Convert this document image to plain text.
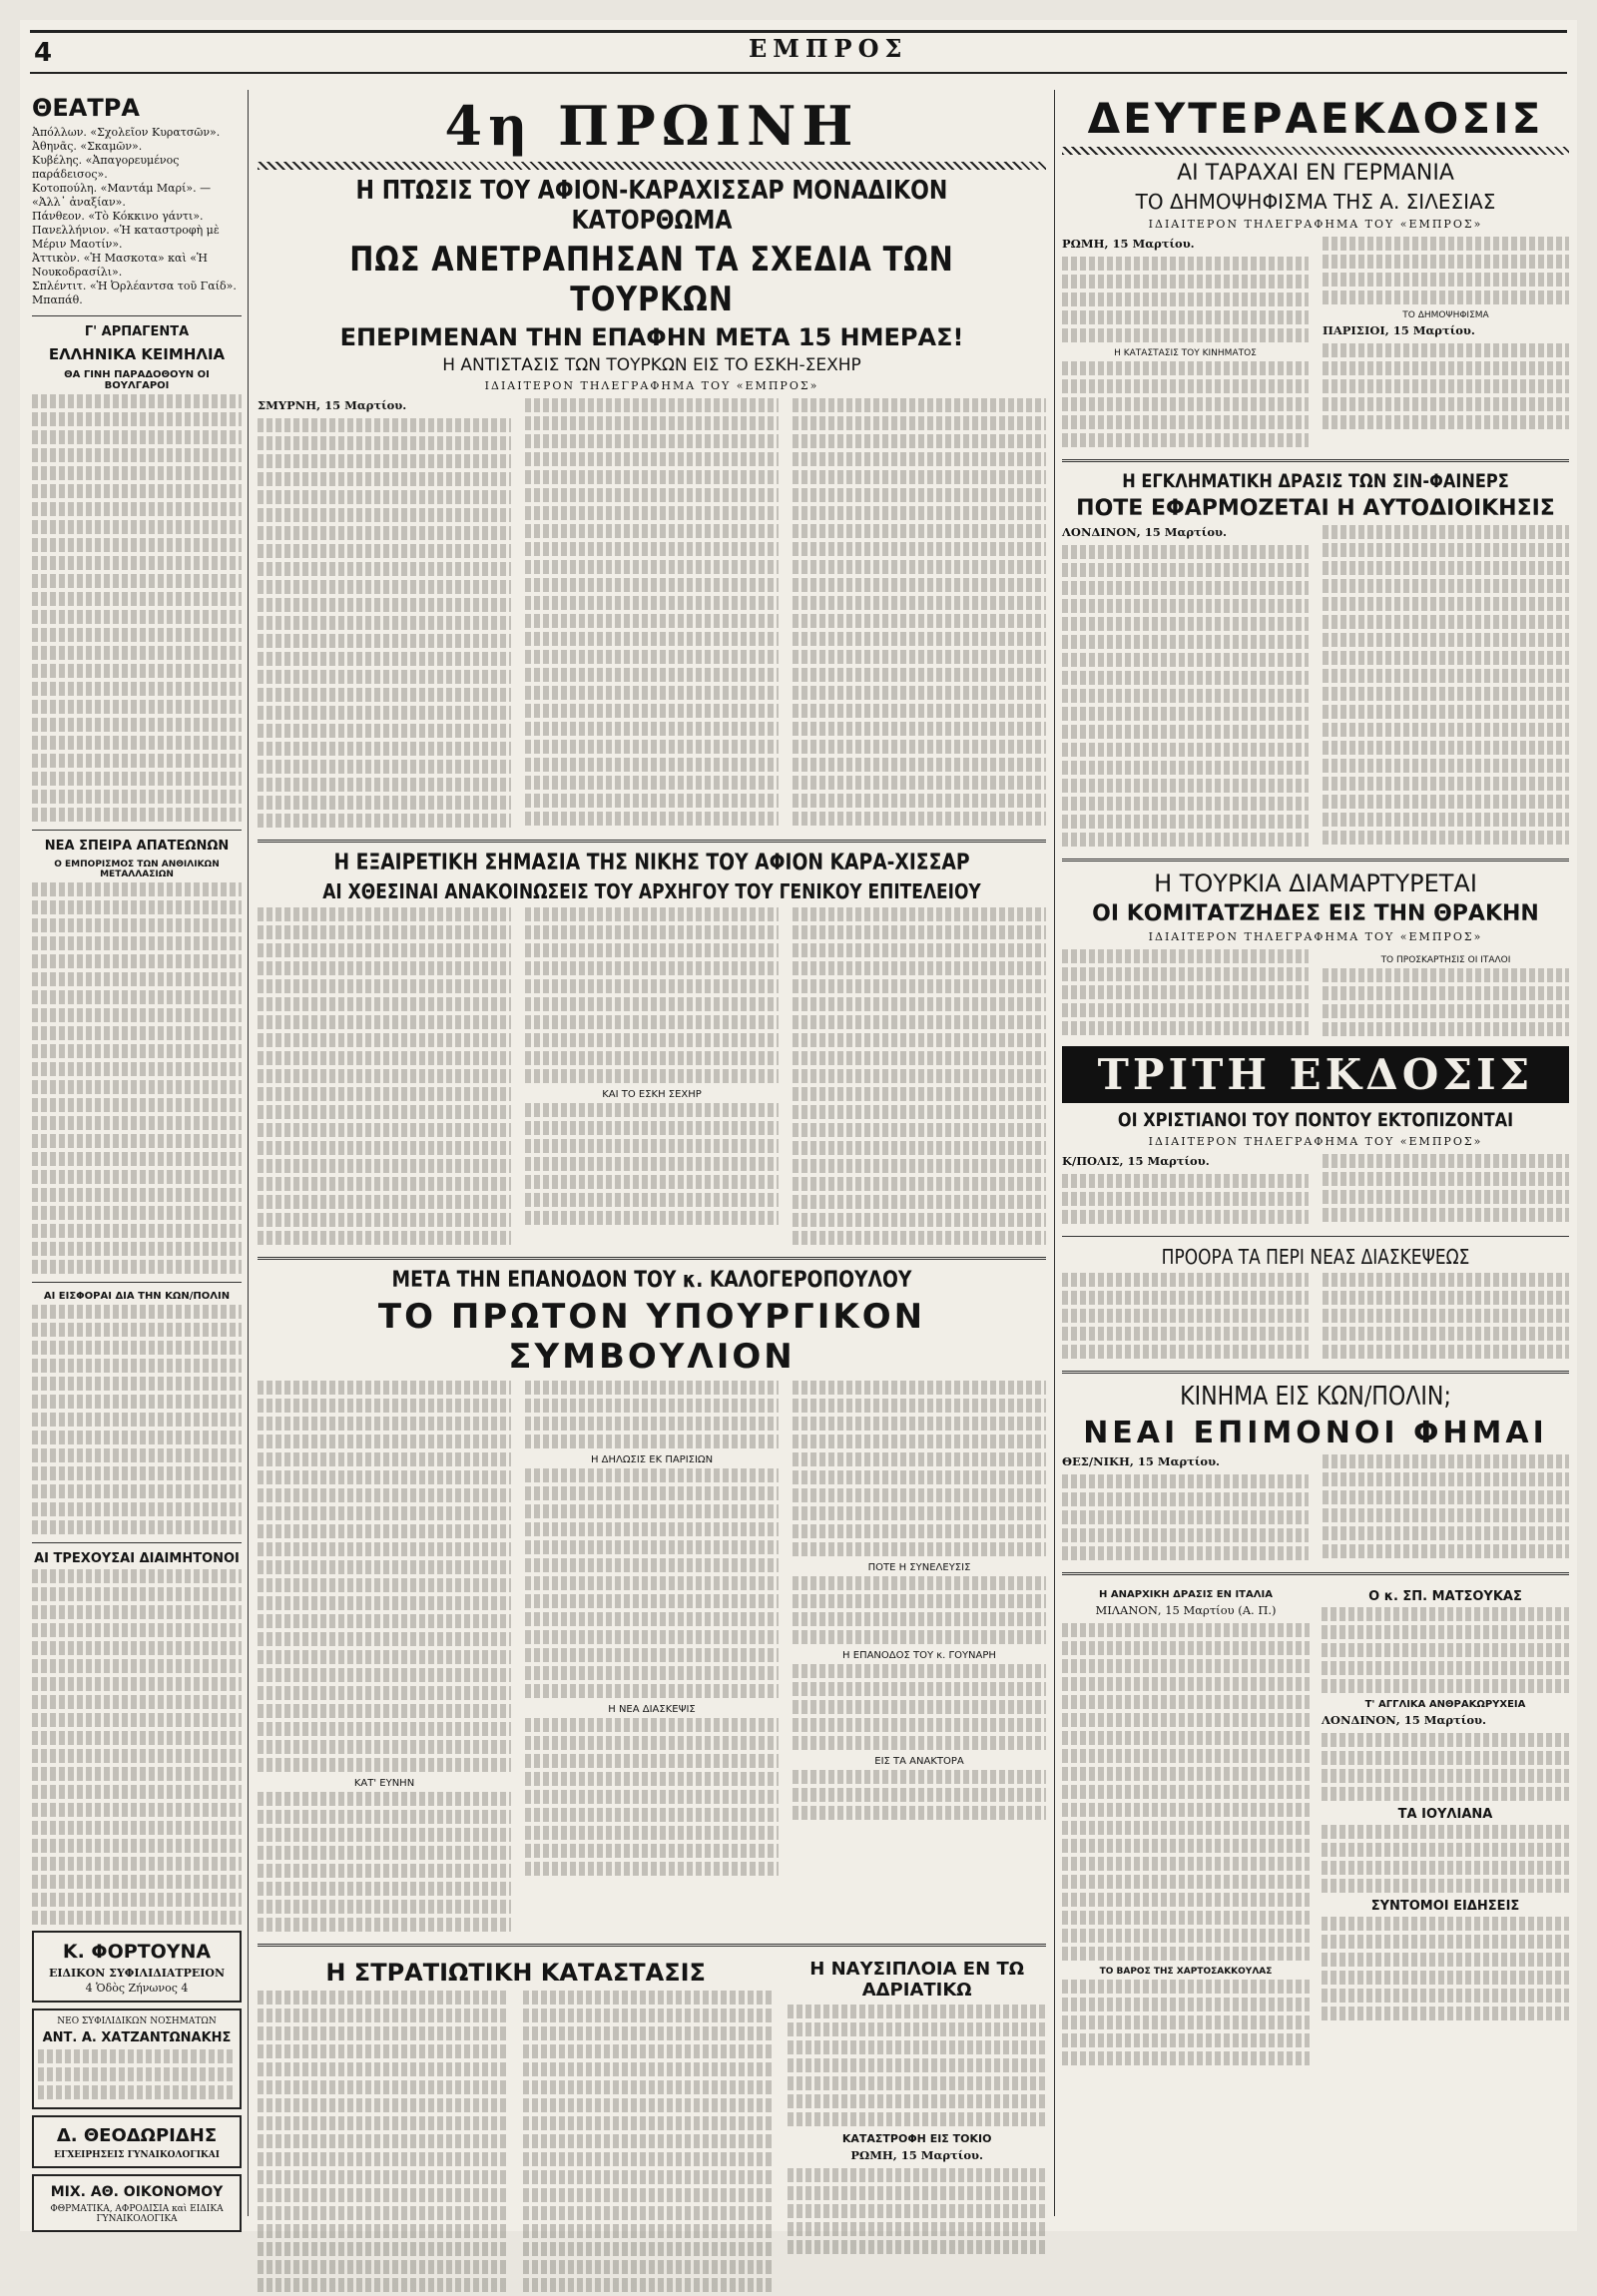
4	ΕΜΠΡΟΣ
ΘΕΑΤΡΑ
Ἀπόλλων. «Σχολεῖον Κυρατσῶν».
Ἀθηνᾶς. «Σκαμῶν».
Κυβέλης. «Ἀπαγορευμένος παράδεισος».
Κοτοπούλη. «Μαντάμ Μαρί». — «Ἀλλ᾽ ἀναξίαν».
Πάνθεον. «Τὸ Κόκκινο γάντι».
Πανελλήνιον. «Ἡ καταστροφὴ μὲ Μέριν Μαοτίν».
Ἀττικὸν. «Ἡ Μασκοτα» καὶ «Ἡ Νουκοδρασίλι».
Σπλέντιτ. «Ἡ Ὀρλέαντσα τοῦ Γαίδ».
Μπαπάθ.
Γ' ΑΡΠΑΓΕΝΤΑ
ΕΛΛΗΝΙΚΑ ΚΕΙΜΗΛΙΑ
ΘΑ ΓΙΝΗ ΠΑΡΑΔΟΘΟΥΝ ΟΙ ΒΟΥΛΓΑΡΟΙ
ΝΕΑ ΣΠΕΙΡΑ ΑΠΑΤΕΩΝΩΝ
Ο ΕΜΠΟΡΙΣΜΟΣ ΤΩΝ ΑΝΘΙΛΙΚΩΝ ΜΕΤΑΛΛΑΣΙΩΝ
ΑΙ ΕΙΣΦΟΡΑΙ ΔΙΑ ΤΗΝ ΚΩΝ/ΠΟΛΙΝ
ΑΙ ΤΡΕΧΟΥΣΑΙ ΔΙΑΙΜΗΤΟΝΟΙ
Κ. ΦΟΡΤΟΥΝΑ
ΕΙΔΙΚΟΝ ΣΥΦΙΛΙΔΙΑΤΡΕΙΟΝ
4 Ὁδὸς Ζήνωνος 4
ΝΕΟ ΣΥΦΙΛΙΔΙΚΩΝ ΝΟΣΗΜΑΤΩΝ
ΑΝΤ. Α. ΧΑΤΖΑΝΤΩΝΑΚΗΣ
Δ. ΘΕΟΔΩΡΙΔΗΣ
ΕΓΧΕΙΡΗΣΕΙΣ ΓΥΝΑΙΚΟΛΟΓΙΚΑΙ
ΜΙΧ. ΑΘ. ΟΙΚΟΝΟΜΟΥ
ΦΘΡΜΑΤΙΚΑ, ΑΦΡΟΔΙΣΙΑ καὶ ΕΙΔΙΚΑ ΓΥΝΑΙΚΟΛΟΓΙΚΑ
4η ΠΡΩΙΝΗ
Η ΠΤΩΣΙΣ ΤΟΥ ΑΦΙΟΝ-ΚΑΡΑΧΙΣΣΑΡ ΜΟΝΑΔΙΚΟΝ ΚΑΤΟΡΘΩΜΑ
ΠΩΣ ΑΝΕΤΡΑΠΗΣΑΝ ΤΑ ΣΧΕΔΙΑ ΤΩΝ ΤΟΥΡΚΩΝ
ΕΠΕΡΙΜΕΝΑΝ ΤΗΝ ΕΠΑΦΗΝ ΜΕΤΑ 15 ΗΜΕΡΑΣ!
Η ΑΝΤΙΣΤΑΣΙΣ ΤΩΝ ΤΟΥΡΚΩΝ ΕΙΣ ΤΟ ΕΣΚΗ-ΣΕΧΗΡ
ΙΔΙΑΙΤΕΡΟΝ ΤΗΛΕΓΡΑΦΗΜΑ ΤΟΥ «ΕΜΠΡΟΣ»
ΣΜΥΡΝΗ, 15 Μαρτίου.
Η ΕΞΑΙΡΕΤΙΚΗ ΣΗΜΑΣΙΑ ΤΗΣ ΝΙΚΗΣ ΤΟΥ ΑΦΙΟΝ ΚΑΡΑ-ΧΙΣΣΑΡ
ΑΙ ΧΘΕΣΙΝΑΙ ΑΝΑΚΟΙΝΩΣΕΙΣ ΤΟΥ ΑΡΧΗΓΟΥ ΤΟΥ ΓΕΝΙΚΟΥ ΕΠΙΤΕΛΕΙΟΥ
ΚΑΙ ΤΟ ΕΣΚΗ ΣΕΧΗΡ
ΜΕΤΑ ΤΗΝ ΕΠΑΝΟΔΟΝ ΤΟΥ κ. ΚΑΛΟΓΕΡΟΠΟΥΛΟΥ
ΤΟ ΠΡΩΤΟΝ ΥΠΟΥΡΓΙΚΟΝ ΣΥΜΒΟΥΛΙΟΝ
ΚΑΤ' ΕΥΝΗΝ
Η ΔΗΛΩΣΙΣ ΕΚ ΠΑΡΙΣΙΩΝ
Η ΝΕΑ ΔΙΑΣΚΕΨΙΣ
ΠΟΤΕ Η ΣΥΝΕΛΕΥΣΙΣ
Η ΕΠΑΝΟΔΟΣ ΤΟΥ κ. ΓΟΥΝΑΡΗ
ΕΙΣ ΤΑ ΑΝΑΚΤΟΡΑ
Η ΣΤΡΑΤΙΩΤΙΚΗ ΚΑΤΑΣΤΑΣΙΣ	Η ΝΑΥΣΙΠΛΟΙΑ ΕΝ ΤΩ ΑΔΡΙΑΤΙΚΩ
ΚΑΤΑΣΤΡΟΦΗ ΕΙΣ ΤΟΚΙΟ
ΡΩΜΗ, 15 Μαρτίου.
ΔΕΥΤΕΡΑΕΚΔΟΣΙΣ
ΑΙ ΤΑΡΑΧΑΙ ΕΝ ΓΕΡΜΑΝΙΑ
ΤΟ ΔΗΜΟΨΗΦΙΣΜΑ ΤΗΣ Α. ΣΙΛΕΣΙΑΣ
ΙΔΙΑΙΤΕΡΟΝ ΤΗΛΕΓΡΑΦΗΜΑ ΤΟΥ «ΕΜΠΡΟΣ»
ΡΩΜΗ, 15 Μαρτίου.
Η ΚΑΤΑΣΤΑΣΙΣ ΤΟΥ ΚΙΝΗΜΑΤΟΣ
ΤΟ ΔΗΜΟΨΗΦΙΣΜΑ
ΠΑΡΙΣΙΟΙ, 15 Μαρτίου.
Η ΕΓΚΛΗΜΑΤΙΚΗ ΔΡΑΣΙΣ ΤΩΝ ΣΙΝ-ΦΑΙΝΕΡΣ
ΠΟΤΕ ΕΦΑΡΜΟΖΕΤΑΙ Η ΑΥΤΟΔΙΟΙΚΗΣΙΣ
ΛΟΝΔΙΝΟΝ, 15 Μαρτίου.
Η ΤΟΥΡΚΙΑ ΔΙΑΜΑΡΤΥΡΕΤΑΙ
ΟΙ ΚΟΜΙΤΑΤΖΗΔΕΣ ΕΙΣ ΤΗΝ ΘΡΑΚΗΝ
ΙΔΙΑΙΤΕΡΟΝ ΤΗΛΕΓΡΑΦΗΜΑ ΤΟΥ «ΕΜΠΡΟΣ»
ΤΟ ΠΡΟΣΚΑΡΤΗΣΙΣ ΟΙ ΙΤΑΛΟΙ
ΤΡΙΤΗ ΕΚΔΟΣΙΣ
ΟΙ ΧΡΙΣΤΙΑΝΟΙ ΤΟΥ ΠΟΝΤΟΥ ΕΚΤΟΠΙΖΟΝΤΑΙ
ΙΔΙΑΙΤΕΡΟΝ ΤΗΛΕΓΡΑΦΗΜΑ ΤΟΥ «ΕΜΠΡΟΣ»
Κ/ΠΟΛΙΣ, 15 Μαρτίου.
ΠΡΟΟΡΑ ΤΑ ΠΕΡΙ ΝΕΑΣ ΔΙΑΣΚΕΨΕΩΣ
ΚΙΝΗΜΑ ΕΙΣ ΚΩΝ/ΠΟΛΙΝ;
ΝΕΑΙ ΕΠΙΜΟΝΟΙ ΦΗΜΑΙ
ΘΕΣ/ΝΙΚΗ, 15 Μαρτίου.
Η ΑΝΑΡΧΙΚΗ ΔΡΑΣΙΣ ΕΝ ΙΤΑΛΙΑ
ΜΙΛΑΝΟΝ, 15 Μαρτίου (Α. Π.)
ΤΟ ΒΑΡΟΣ ΤΗΣ ΧΑΡΤΟΣΑΚΚΟΥΛΑΣ
Ο κ. ΣΠ. ΜΑΤΣΟΥΚΑΣ
Τ' ΑΓΓΛΙΚΑ ΑΝΘΡΑΚΩΡΥΧΕΙΑ
ΛΟΝΔΙΝΟΝ, 15 Μαρτίου.
ΤΑ ΙΟΥΛΙΑΝΑ
ΣΥΝΤΟΜΟΙ ΕΙΔΗΣΕΙΣ
